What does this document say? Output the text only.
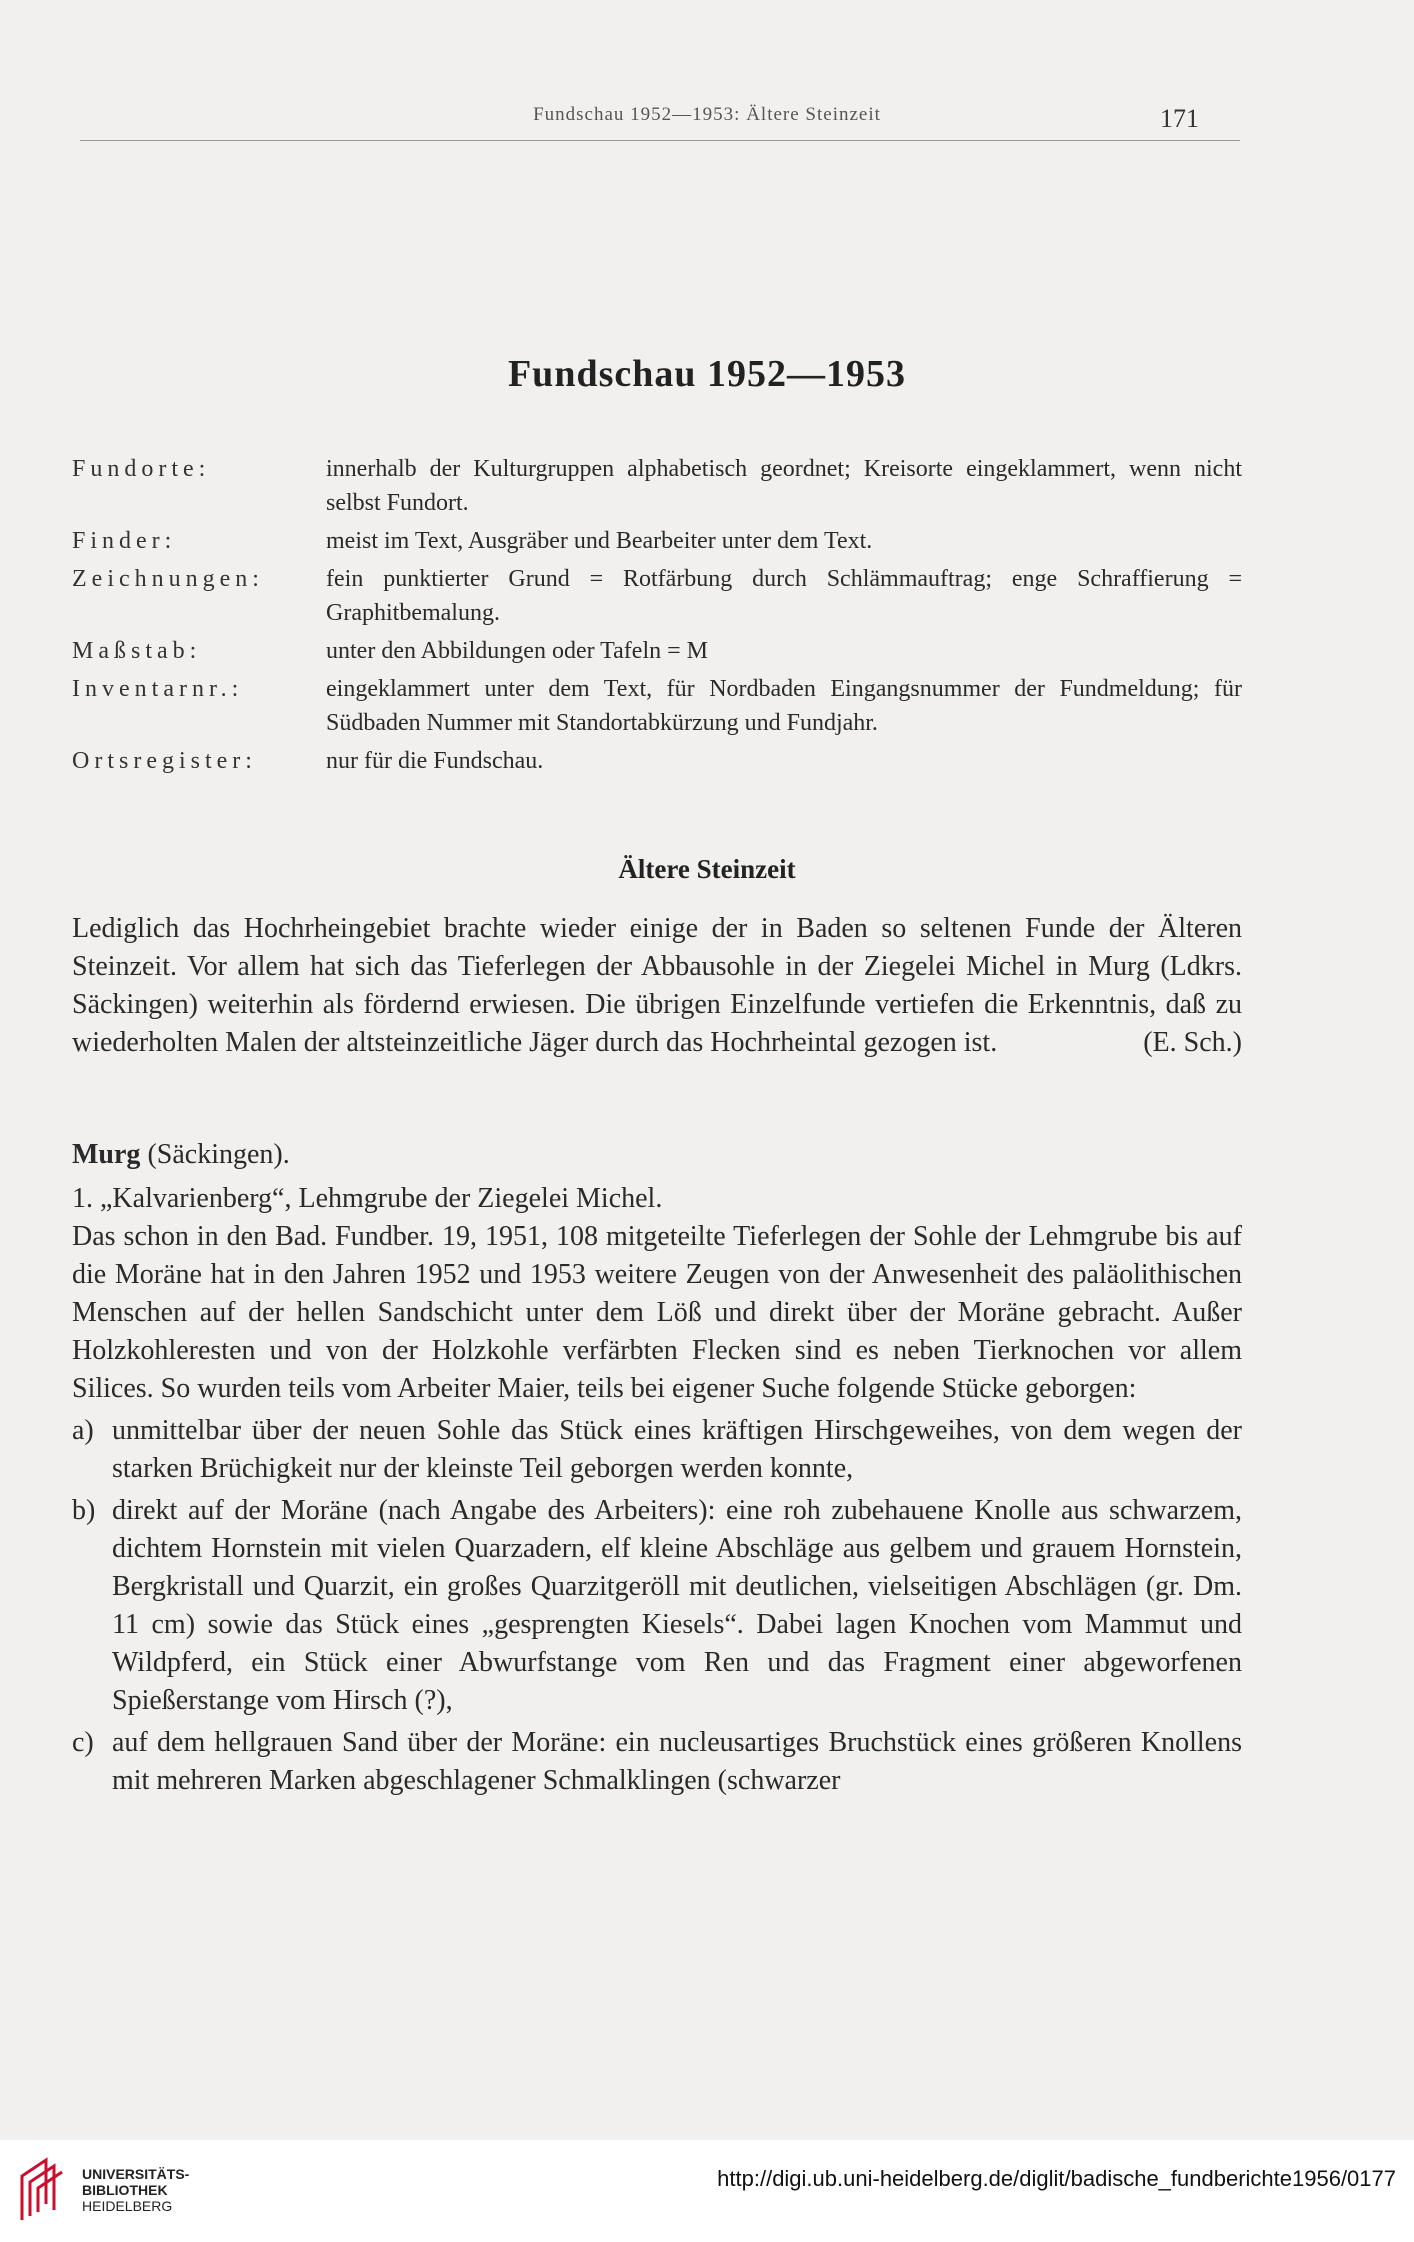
Fundschau 1952—1953: Ältere Steinzeit	171
Fundschau 1952—1953
Fundorte:	innerhalb der Kulturgruppen alphabetisch geordnet; Kreisorte eingeklammert, wenn nicht selbst Fundort.
Finder:	meist im Text, Ausgräber und Bearbeiter unter dem Text.
Zeichnungen:	fein punktierter Grund = Rotfärbung durch Schlämmauftrag; enge Schraffierung = Graphitbemalung.
Maßstab:	unter den Abbildungen oder Tafeln = M
Inventarnr.:	eingeklammert unter dem Text, für Nordbaden Eingangsnummer der Fundmeldung; für Südbaden Nummer mit Standortabkürzung und Fundjahr.
Ortsregister:	nur für die Fundschau.
Ältere Steinzeit
Lediglich das Hochrheingebiet brachte wieder einige der in Baden so seltenen Funde der Älteren Steinzeit. Vor allem hat sich das Tieferlegen der Abbausohle in der Ziegelei Michel in Murg (Ldkrs. Säckingen) weiterhin als fördernd erwiesen. Die übrigen Einzelfunde vertiefen die Erkenntnis, daß zu wiederholten Malen der altsteinzeitliche Jäger durch das Hochrheintal gezogen ist.	(E. Sch.)
Murg (Säckingen).

1. „Kalvarienberg“, Lehmgrube der Ziegelei Michel.

Das schon in den Bad. Fundber. 19, 1951, 108 mitgeteilte Tieferlegen der Sohle der Lehmgrube bis auf die Moräne hat in den Jahren 1952 und 1953 weitere Zeugen von der Anwesenheit des paläolithischen Menschen auf der hellen Sandschicht unter dem Löß und direkt über der Moräne gebracht. Außer Holzkohleresten und von der Holzkohle verfärbten Flecken sind es neben Tierknochen vor allem Silices. So wurden teils vom Arbeiter Maier, teils bei eigener Suche folgende Stücke geborgen:

a) unmittelbar über der neuen Sohle das Stück eines kräftigen Hirschgeweihes, von dem wegen der starken Brüchigkeit nur der kleinste Teil geborgen werden konnte,
b) direkt auf der Moräne (nach Angabe des Arbeiters): eine roh zubehauene Knolle aus schwarzem, dichtem Hornstein mit vielen Quarzadern, elf kleine Abschläge aus gelbem und grauem Hornstein, Bergkristall und Quarzit, ein großes Quarzitgeröll mit deutlichen, vielseitigen Abschlägen (gr. Dm. 11 cm) sowie das Stück eines „gesprengten Kiesels“. Dabei lagen Knochen vom Mammut und Wildpferd, ein Stück einer Abwurfstange vom Ren und das Fragment einer abgeworfenen Spießerstange vom Hirsch (?),
c) auf dem hellgrauen Sand über der Moräne: ein nucleusartiges Bruchstück eines größeren Knollens mit mehreren Marken abgeschlagener Schmalklingen (schwarzer
UNIVERSITÄTS-
BIBLIOTHEK
HEIDELBERG
http://digi.ub.uni-heidelberg.de/diglit/badische_fundberichte1956/0177
